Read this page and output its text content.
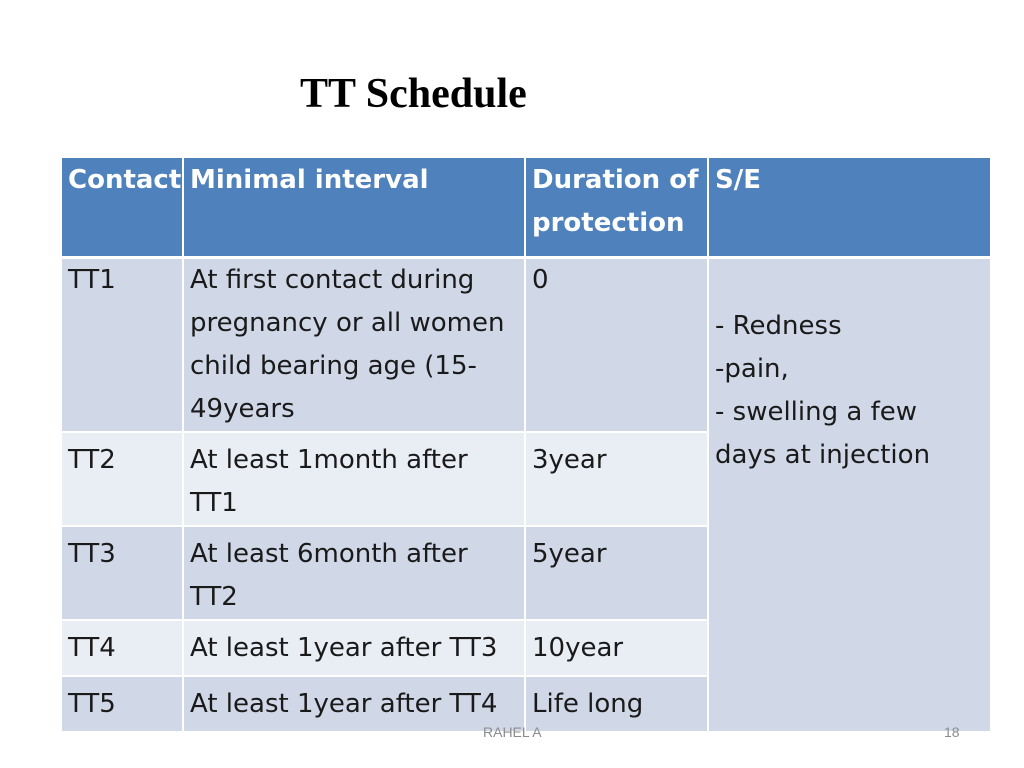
TT Schedule
Contact	Minimal interval	Duration of protection	S/E
TT1	At first contact during pregnancy or all women child bearing age (15-49years	0	- Redness
-pain,
- swelling a few
days at injection

TT2	At least 1month after TT1	3year	
TT3	At least 6month after TT2	5year	
TT4	At least 1year after TT3	10year	
TT5	At least 1year after TT4	Life long	
RAHEL A	18
